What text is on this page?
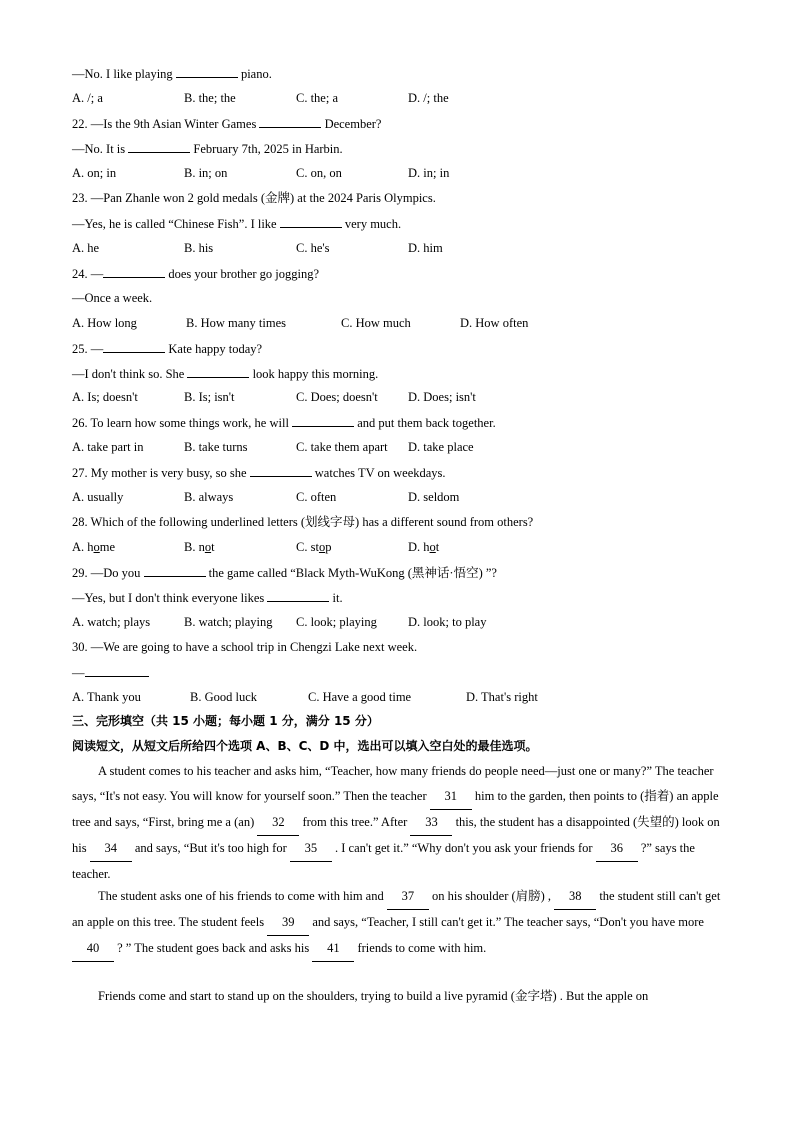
—No. I like playing	piano.
A. /; a	B. the; the	C. the; a	D. /; the
22. —Is the 9th Asian Winter Games	December?
—No. It is	February 7th, 2025 in Harbin.
A. on; in	B. in; on	C. on, on	D. in; in
23. —Pan Zhanle won 2 gold medals (金牌) at the 2024 Paris Olympics.
—Yes, he is called “Chinese Fish”. I like	very much.
A. he	B. his	C. he's	D. him
24. —	does your brother go jogging?
—Once a week.
A. How long	B. How many times	C. How much	D. How often
25. —	Kate happy today?
—I don't think so. She	look happy this morning.
A. Is; doesn't	B. Is; isn't	C. Does; doesn't D. Does; isn't
26. To learn how some things work, he will	and put them back together.
A. take part in	B. take turns	C. take them apart D. take place
27. My mother is very busy, so she	watches TV on weekdays.
A. usually	B. always	C. often	D. seldom
28. Which of the following underlined letters (划线字母) has a different sound from others?
A. home	B. not	C. stop	D. hot
29. —Do you	the game called “Black Myth-WuKong (黑神话·悟空) ”?
—Yes, but I don't think everyone likes	it.
A. watch; plays	B. watch; playing C. look; playing D. look; to play
30. —We are going to have a school trip in Chengzi Lake next week.
—
A. Thank you	B. Good luck	C. Have a good time	D. That's right
三、完形填空（共 15 小题；每小题 1 分，满分 15 分）
阅读短文，从短文后所给四个选项 A、B、C、D 中，选出可以填入空白处的最佳选项。
A student comes to his teacher and asks him, “Teacher, how many friends do people need—just one or many?” The teacher says, “It's not easy. You will know for yourself soon.” Then the teacher 31 him to the garden, then points to (指着) an apple tree and says, “First, bring me a (an) 32 from this tree.” After 33 this, the student has a disappointed (失望的) look on his 34 and says, “But it's too high for 35 . I can't get it.” “Why don't you ask your friends for 36 ?” says the teacher.
The student asks one of his friends to come with him and 37 on his shoulder (肩膀) , 38 the student still can't get an apple on this tree. The student feels 39 and says, “Teacher, I still can't get it.” The teacher says, “Don't you have more 40 ? ” The student goes back and asks his 41 friends to come with him.
Friends come and start to stand up on the shoulders, trying to build a live pyramid (金字塔) . But the apple on
